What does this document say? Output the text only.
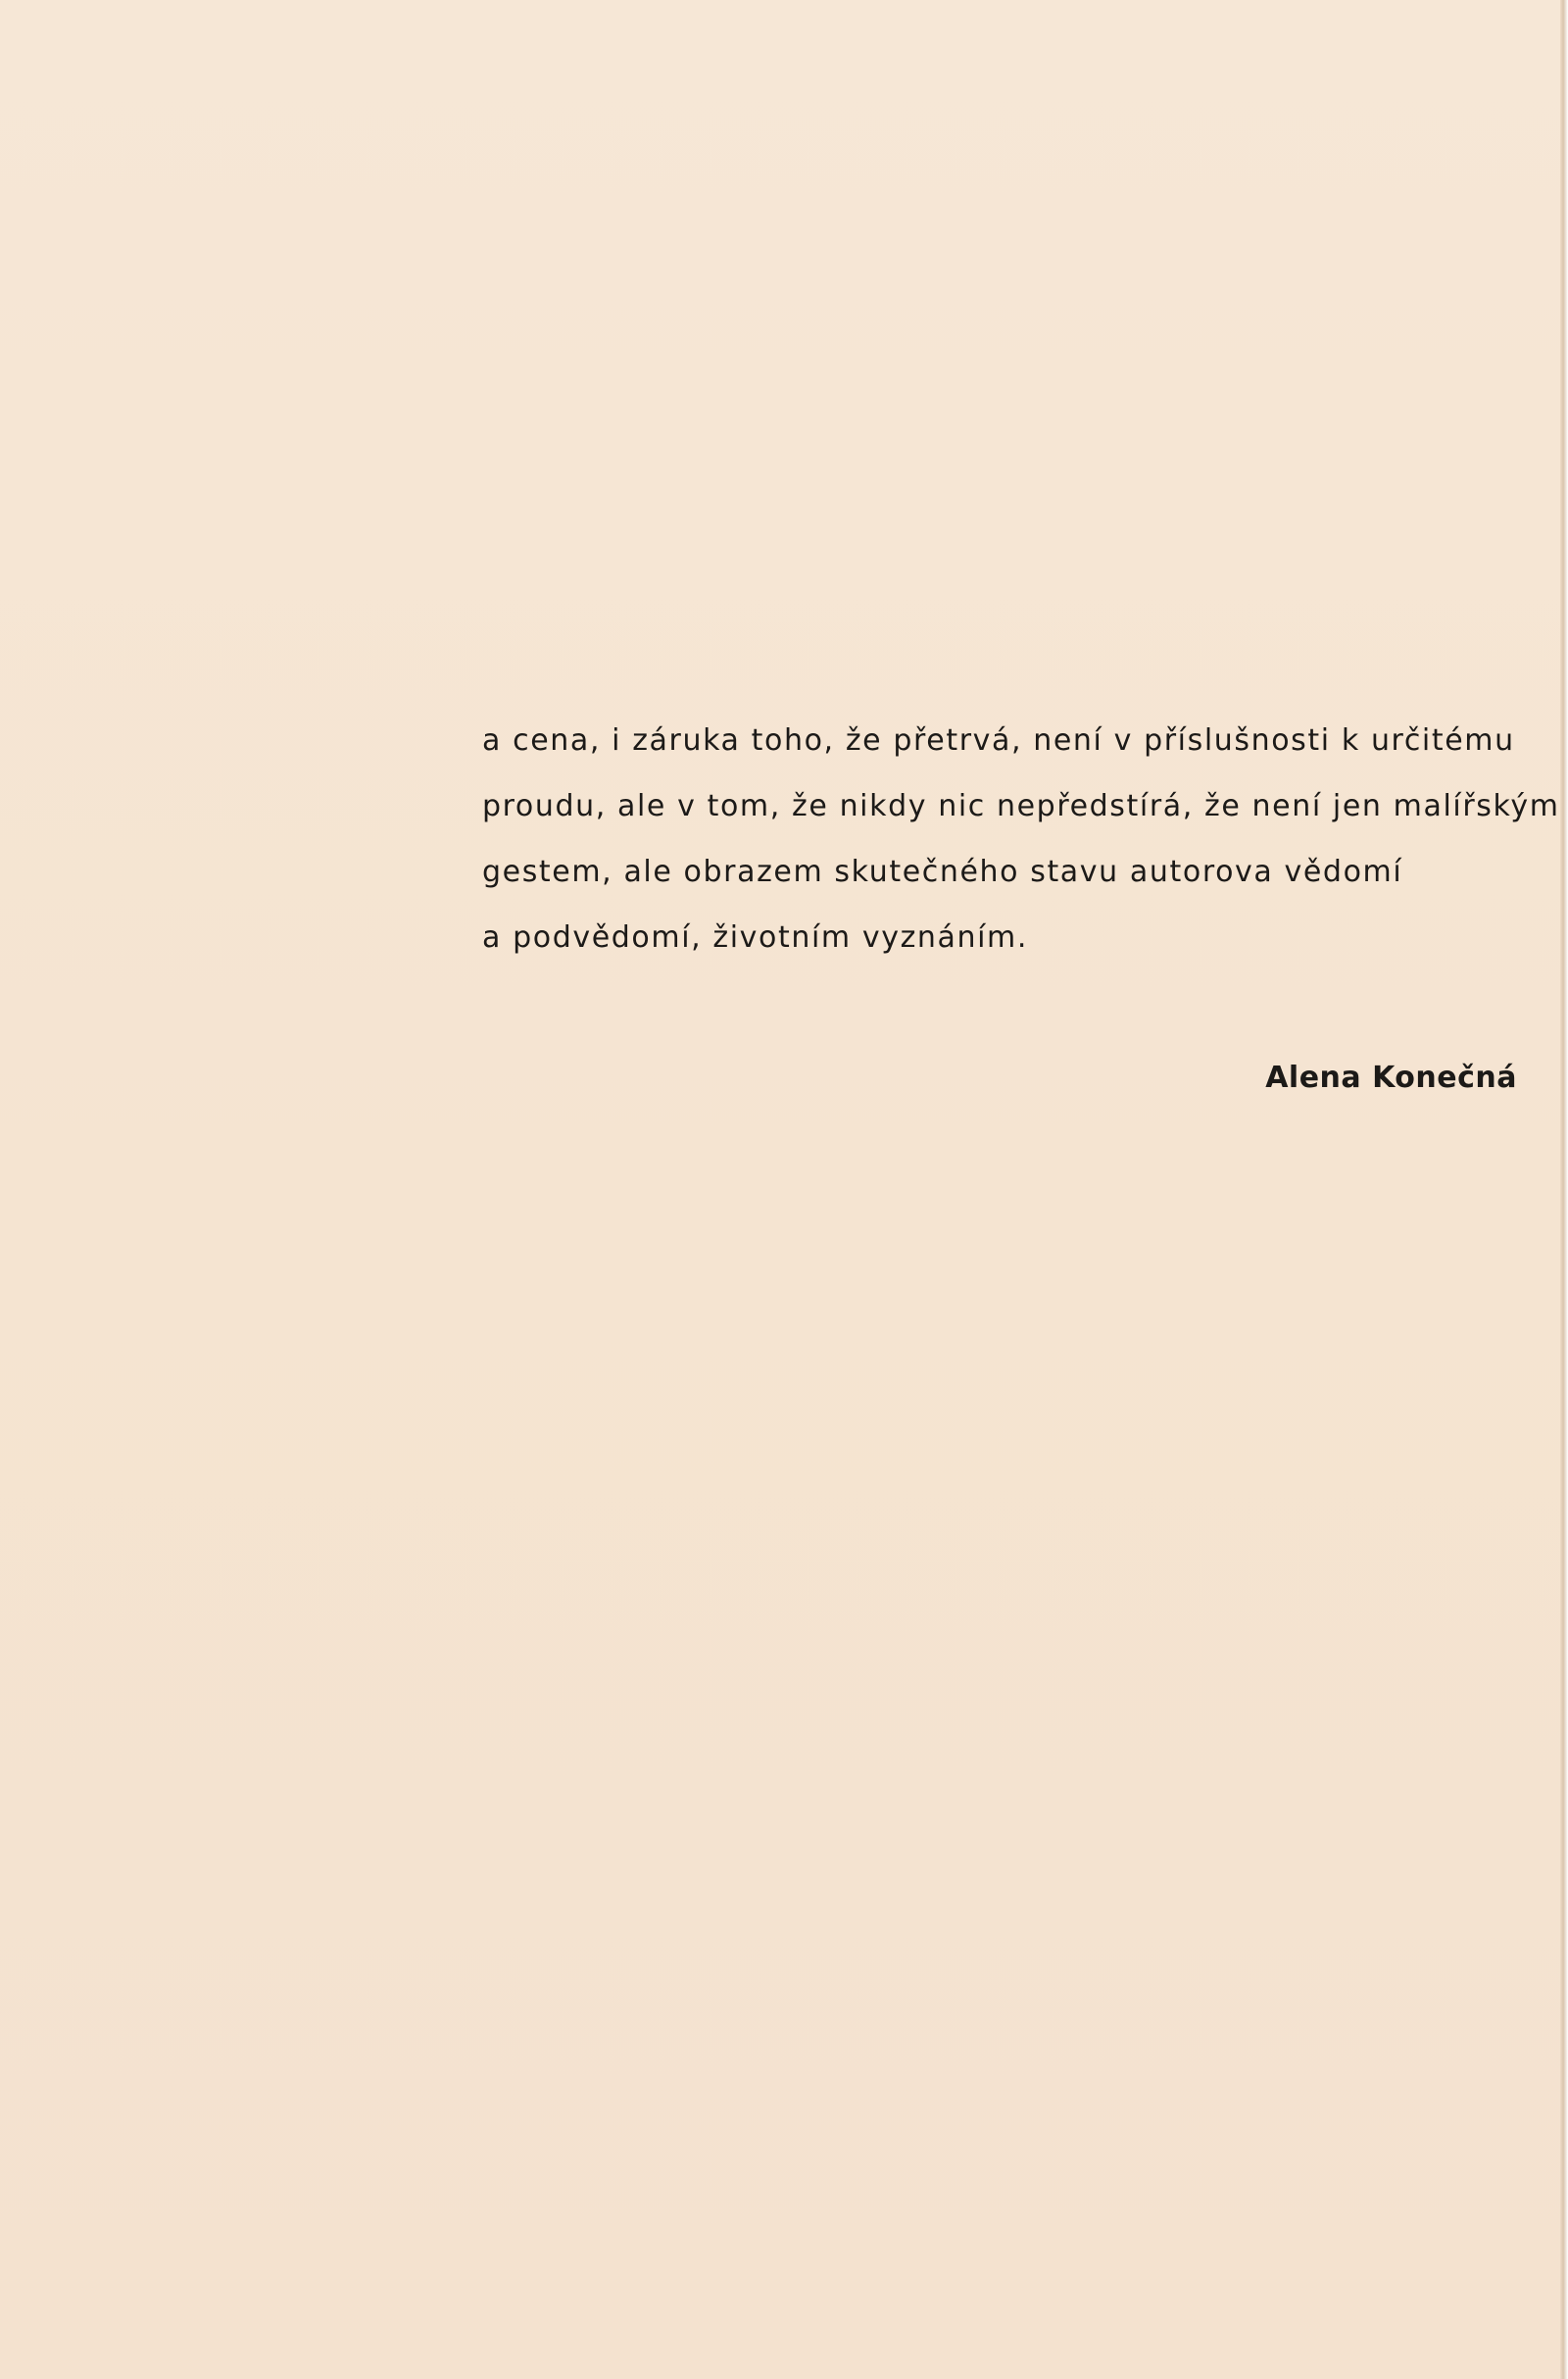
a cena, i záruka toho, že přetrvá, není v příslušnosti k určitému
proudu, ale v tom, že nikdy nic nepředstírá, že není jen malířským
gestem, ale obrazem skutečného stavu autorova vědomí
a podvědomí, životním vyznáním.
Alena Konečná
